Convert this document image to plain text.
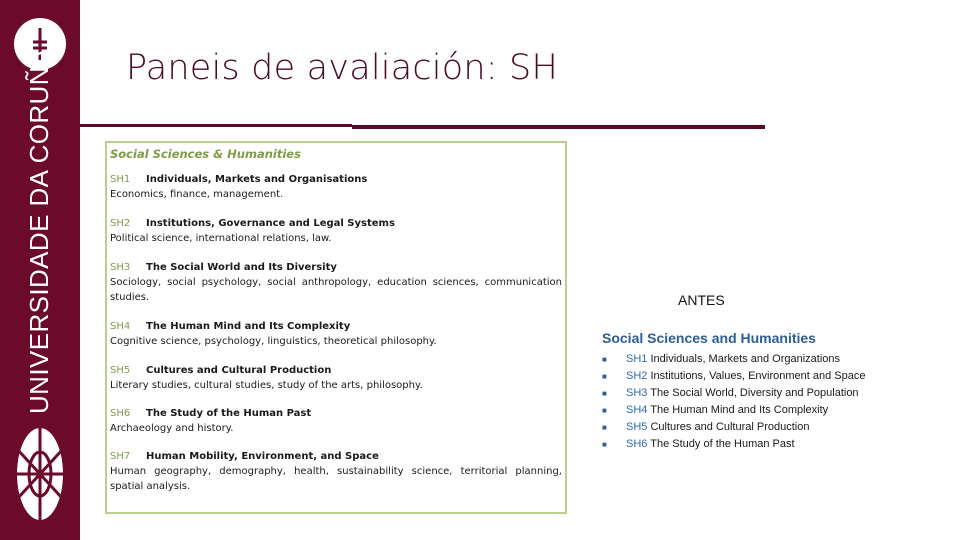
UNIVERSIDADE DA CORUÑA Paneis de avaliación: SH
Social Sciences & Humanities
SH1 Individuals, Markets and Organisations
Economics, finance, management.
SH2 Institutions, Governance and Legal Systems
Political science, international relations, law.
SH3 The Social World and Its Diversity
Sociology, social psychology, social anthropology, education sciences, communication studies.
SH4 The Human Mind and Its Complexity
Cognitive science, psychology, linguistics, theoretical philosophy.
SH5 Cultures and Cultural Production
Literary studies, cultural studies, study of the arts, philosophy.
SH6 The Study of the Human Past
Archaeology and history.
SH7 Human Mobility, Environment, and Space
Human geography, demography, health, sustainability science, territorial planning, spatial analysis.
ANTES
Social Sciences and Humanities
■ SH1 Individuals, Markets and Organizations
■ SH2 Institutions, Values, Environment and Space
■ SH3 The Social World, Diversity and Population
■ SH4 The Human Mind and Its Complexity
■ SH5 Cultures and Cultural Production
■ SH6 The Study of the Human Past
